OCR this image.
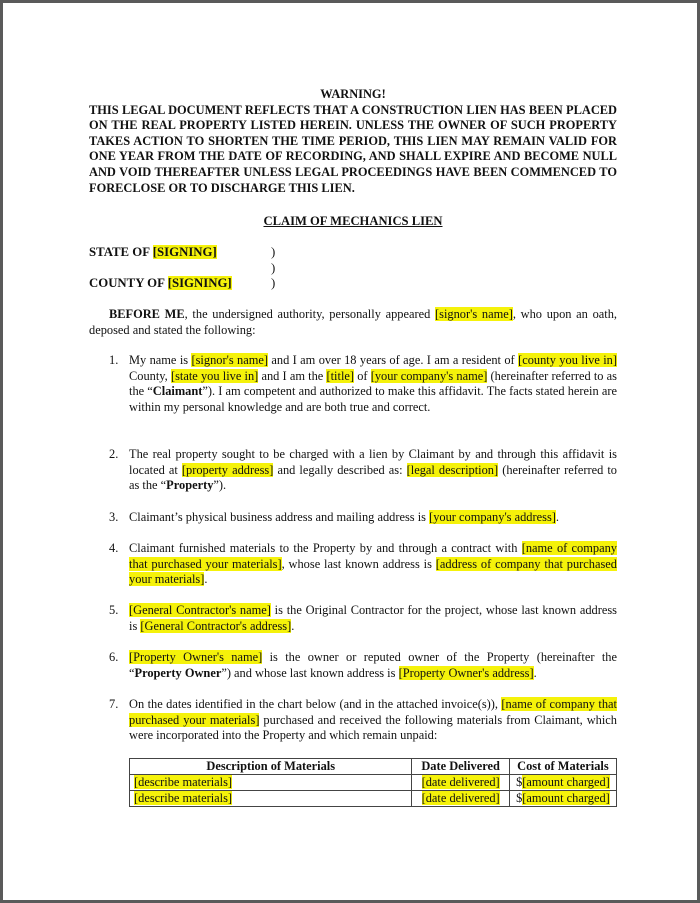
WARNING!
THIS LEGAL DOCUMENT REFLECTS THAT A CONSTRUCTION LIEN HAS BEEN PLACED ON THE REAL PROPERTY LISTED HEREIN. UNLESS THE OWNER OF SUCH PROPERTY TAKES ACTION TO SHORTEN THE TIME PERIOD, THIS LIEN MAY REMAIN VALID FOR ONE YEAR FROM THE DATE OF RECORDING, AND SHALL EXPIRE AND BECOME NULL AND VOID THEREAFTER UNLESS LEGAL PROCEEDINGS HAVE BEEN COMMENCED TO FORECLOSE OR TO DISCHARGE THIS LIEN.
CLAIM OF MECHANICS LIEN
STATE OF [SIGNING]	)
)
COUNTY OF [SIGNING]	)
BEFORE ME, the undersigned authority, personally appeared [signor's name], who upon an oath, deposed and stated the following:
1. My name is [signor's name] and I am over 18 years of age. I am a resident of [county you live in] County, [state you live in] and I am the [title] of [your company's name] (hereinafter referred to as the “Claimant”). I am competent and authorized to make this affidavit. The facts stated herein are within my personal knowledge and are both true and correct.
2. The real property sought to be charged with a lien by Claimant by and through this affidavit is located at [property address] and legally described as: [legal description] (hereinafter referred to as the “Property”).
3. Claimant’s physical business address and mailing address is [your company's address].
4. Claimant furnished materials to the Property by and through a contract with [name of company that purchased your materials], whose last known address is [address of company that purchased your materials].
5. [General Contractor's name] is the Original Contractor for the project, whose last known address is [General Contractor's address].
6. [Property Owner's name] is the owner or reputed owner of the Property (hereinafter the “Property Owner”) and whose last known address is [Property Owner's address].
7. On the dates identified in the chart below (and in the attached invoice(s)), [name of company that purchased your materials] purchased and received the following materials from Claimant, which were incorporated into the Property and which remain unpaid:
Description of Materials	Date Delivered	Cost of Materials
[describe materials]	[date delivered]	$[amount charged]
[describe materials]	[date delivered]	$[amount charged]
